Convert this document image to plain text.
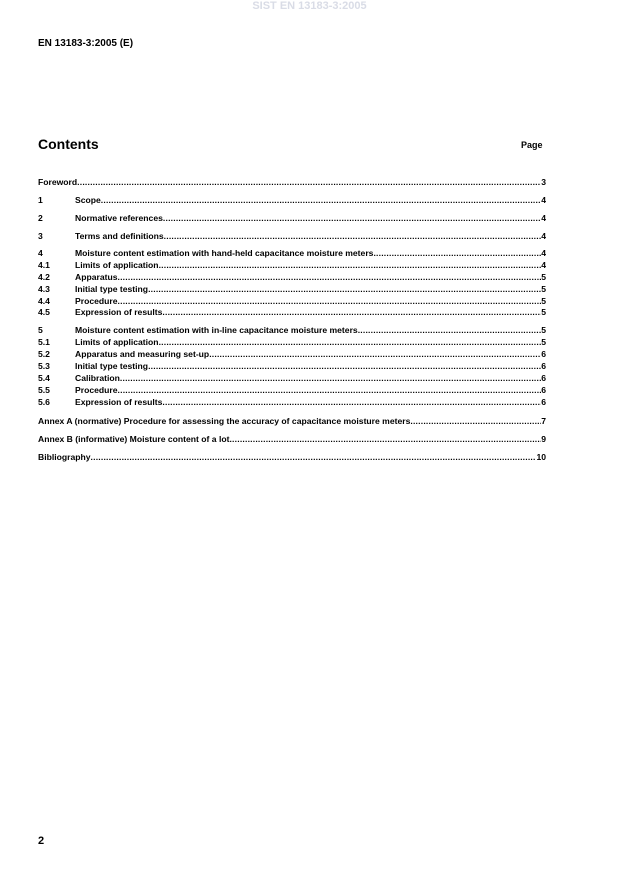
SIST EN 13183-3:2005
EN 13183-3:2005 (E)
Contents	Page
Foreword .....	3
1	Scope .....	4
2	Normative references .....	4
3	Terms and definitions .....	4
4	Moisture content estimation with hand-held capacitance moisture meters .....	4
4.1	Limits of application .....	4
4.2	Apparatus .....	5
4.3	Initial type testing .....	5
4.4	Procedure .....	5
4.5	Expression of results .....	5
5	Moisture content estimation with in-line capacitance moisture meters .....	5
5.1	Limits of application .....	5
5.2	Apparatus and measuring set-up .....	6
5.3	Initial type testing .....	6
5.4	Calibration .....	6
5.5	Procedure .....	6
5.6	Expression of results .....	6
Annex A (normative) Procedure for assessing the accuracy of capacitance moisture meters .....	7
Annex B (informative) Moisture content of a lot .....	9
Bibliography .....	10
2
